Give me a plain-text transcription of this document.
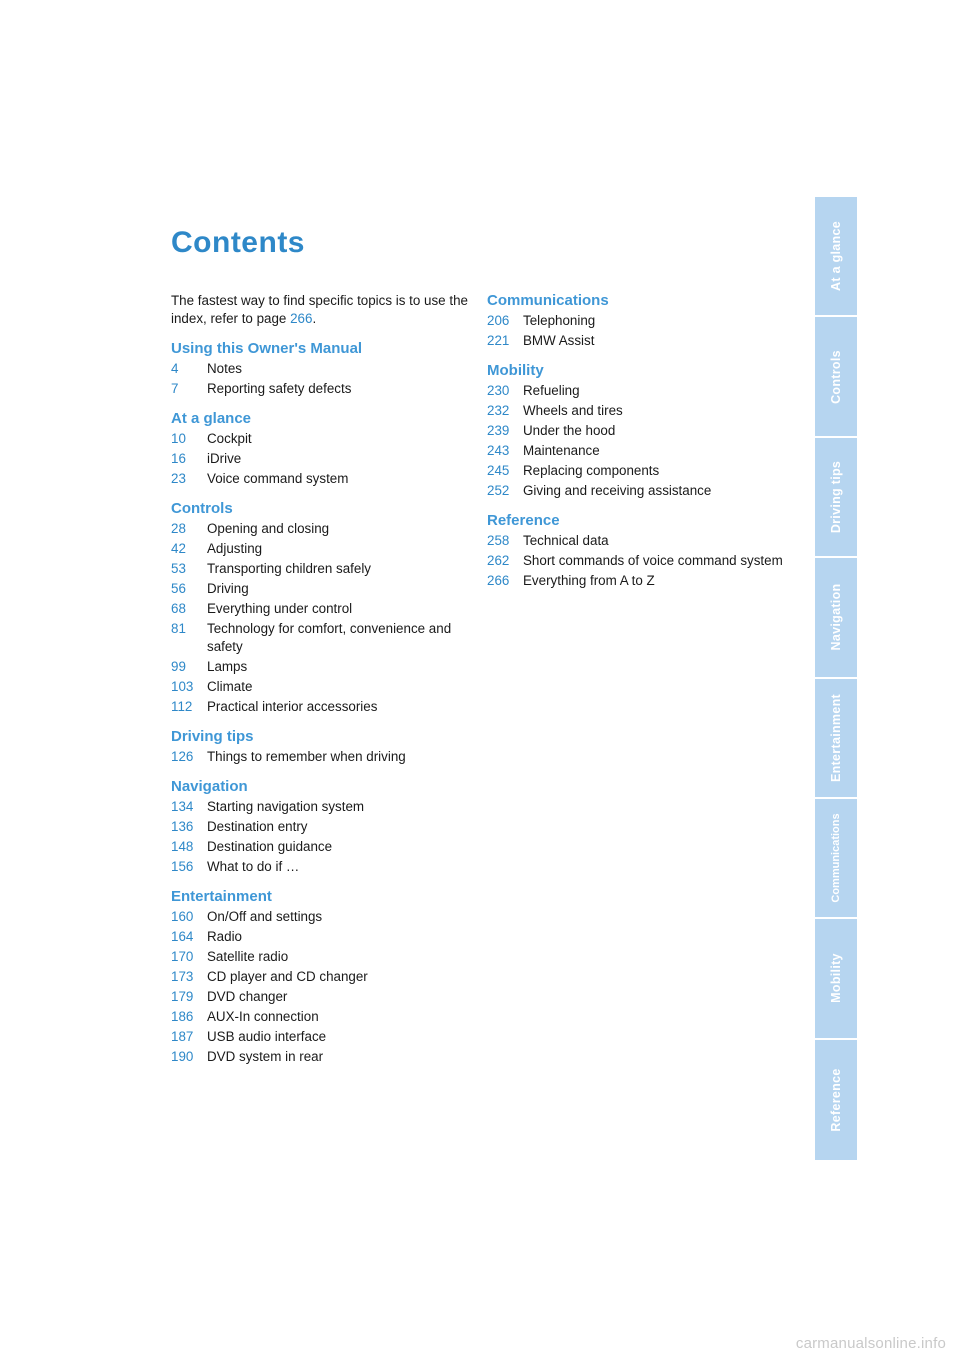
Contents

The fastest way to find specific topics is to use the index, refer to page 266.

Using this Owner's Manual
4	Notes
7	Reporting safety defects
At a glance
10	Cockpit
16	iDrive
23	Voice command system
Controls
28	Opening and closing
42	Adjusting
53	Transporting children safely
56	Driving
68	Everything under control
81	Technology for comfort, convenience and safety
99	Lamps
103	Climate
112	Practical interior accessories
Driving tips
126	Things to remember when driving
Navigation
134	Starting navigation system
136	Destination entry
148	Destination guidance
156	What to do if …
Entertainment
160	On/Off and settings
164	Radio
170	Satellite radio
173	CD player and CD changer
179	DVD changer
186	AUX-In connection
187	USB audio interface
190	DVD system in rear
Communications
206	Telephoning
221	BMW Assist
Mobility
230	Refueling
232	Wheels and tires
239	Under the hood
243	Maintenance
245	Replacing components
252	Giving and receiving assistance
Reference
258	Technical data
262	Short commands of voice command system
266	Everything from A to Z
At a glance
Controls
Driving tips
Navigation
Entertainment
Communications
Mobility
Reference
carmanualsonline.info
